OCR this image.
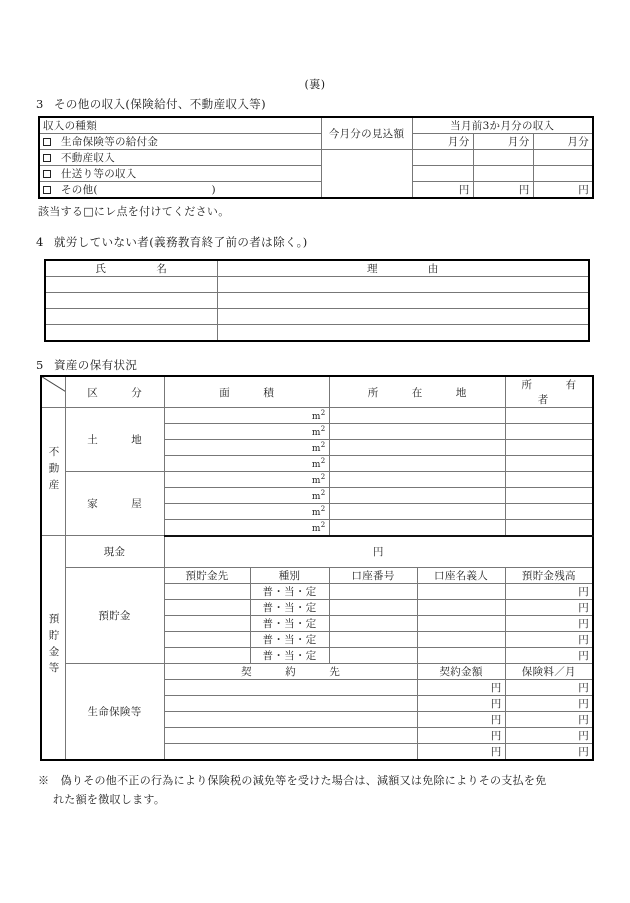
(裏)
3 その他の収入(保険給付、不動産収入等)
収入の種類	今月分の見込額	当月前3か月分の収入		
生命保険等の給付金		月分	月分	月分
不動産収入				
仕送り等の収入				
その他( )		円	円	円
該当する□にレ点を付けてください。
4 就労していない者(義務教育終了前の者は除く。)
氏　名	理　由

5 資産の保有状況
	区　分	面　積		所　在　地		所　有　者
不動産	土　地	$m^2$		
		$m^2$		
		$m^2$		
		$m^2$		
	家　屋	$m^2$		
		$m^2$		
		$m^2$		
		$m^2$		
預貯金等	現金	円				
	預貯金	預貯金先	種別	口座番号	口座名義人	預貯金残高
			普・当・定			円
			普・当・定			円
			普・当・定			円
			普・当・定			円
			普・当・定			円
	生命保険等	契　約　先			契約金額	保険料／月
					円	円
					円	円
					円	円
					円	円
					円	円
※　偽りその他不正の行為により保険税の減免等を受けた場合は、減額又は免除によりその支払を免
れた額を徴収します。
